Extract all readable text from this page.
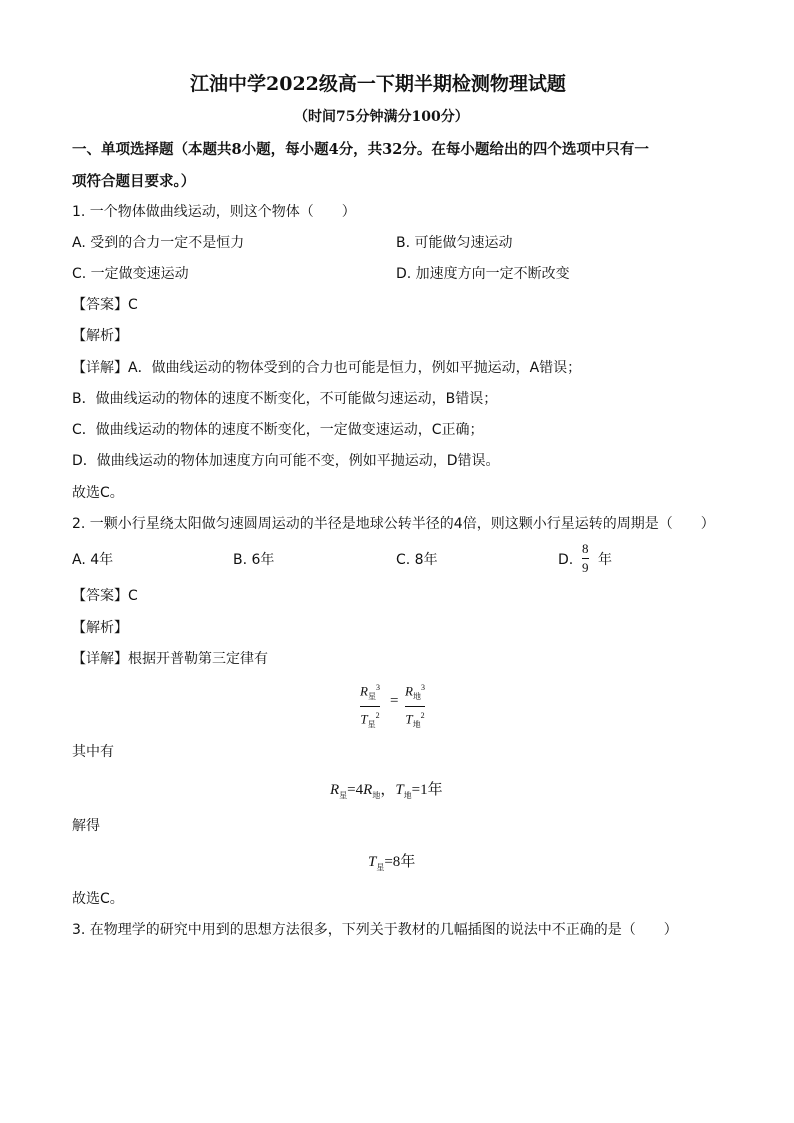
江油中学2022级高一下期半期检测物理试题
（时间75分钟满分100分）
一、单项选择题（本题共8小题，每小题4分，共32分。在每小题给出的四个选项中只有一
项符合题目要求。）
1. 一个物体做曲线运动，则这个物体（　　）
A. 受到的合力一定不是恒力	B. 可能做匀速运动
C. 一定做变速运动	D. 加速度方向一定不断改变
【答案】C
【解析】
【详解】A．做曲线运动的物体受到的合力也可能是恒力，例如平抛运动，A错误；
B．做曲线运动的物体的速度不断变化，不可能做匀速运动，B错误；
C．做曲线运动的物体的速度不断变化，一定做变速运动，C正确；
D．做曲线运动的物体加速度方向可能不变，例如平抛运动，D错误。
故选C。
2. 一颗小行星绕太阳做匀速圆周运动的半径是地球公转半径的4倍，则这颗小行星运转的周期是（　　）
A. 4年	B. 6年	C. 8年	D.
8
9 年
【答案】C
【解析】
【详解】根据开普勒第三定律有
$R_星^3$
$T_星^2$
=
$R_地^3$
$T_地^2$
其中有
$R_星=4R_地$，$T_地=1$年
解得
$T_星=8$年
故选C。
3. 在物理学的研究中用到的思想方法很多，下列关于教材的几幅插图的说法中不正确的是（　　）
